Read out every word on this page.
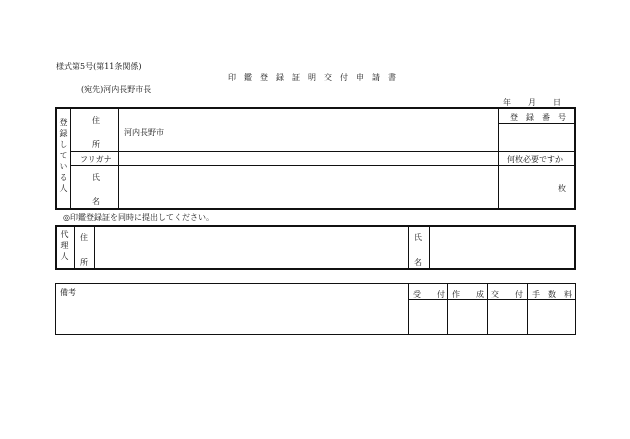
様式第5号(第11条関係)
印　鑑　登　録　証　明　交　付　申　請　書
(宛先)河内長野市長
年 月 日
登録している人	住
所
河内長野市
フリガナ
氏
名
登　録　番　号
何枚必要ですか
枚
◎印鑑登録証を同時に提出してください。
代理人 住
所
氏
名
備考	受　　付 作　　成 交　　付 手　数　料
